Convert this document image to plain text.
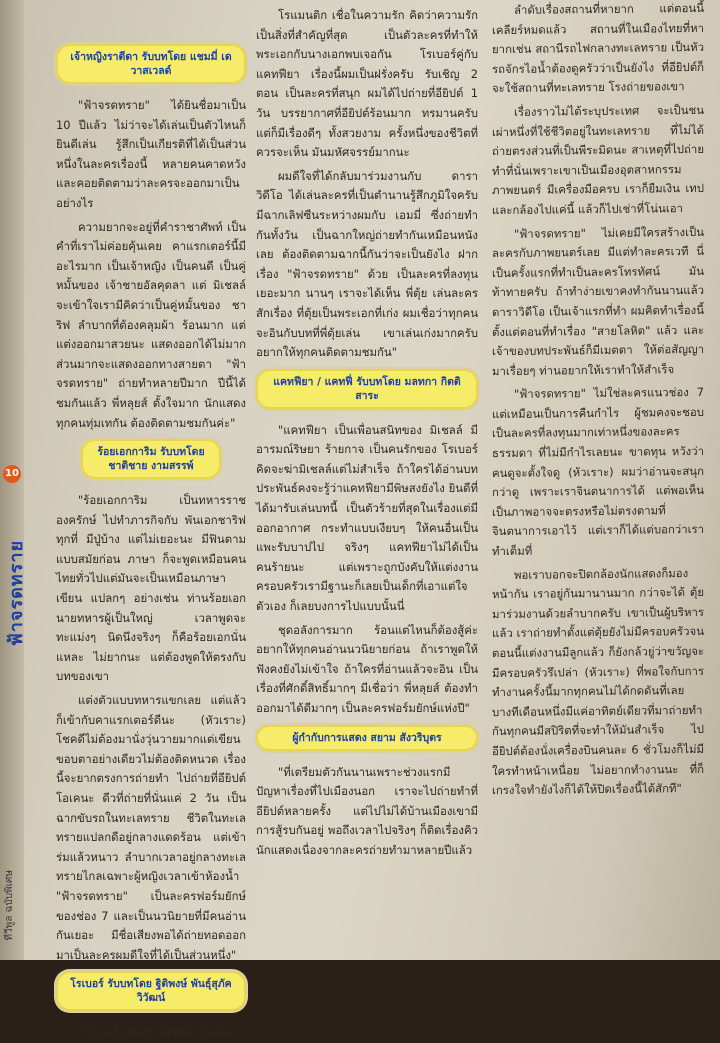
10
ฟ้าจรดทราย
ทีวีพูล ฉบับพิเศษ
เจ้าหญิงราตีดา รับบทโดย แชมมี่ เดวาสเวลด์

"ฟ้าจรดทราย" ได้ยินชื่อมาเป็น 10 ปีแล้ว ไม่ว่าจะได้เล่นเป็นตัวไหนก็ยินดีเล่น รู้สึกเป็นเกียรติที่ได้เป็นส่วนหนึ่งในละครเรื่องนี้ หลายคนคาดหวังและคอยติดตามว่าละครจะออกมาเป็นอย่างไร

ความยากจะอยู่ที่คำราชาศัพท์ เป็นคำที่เราไม่ค่อยคุ้นเคย คาแรกเตอร์นี้มีอะไรมาก เป็นเจ้าหญิง เป็นคนดี เป็นคู่หมั้นของ เจ้าชายอัลคุดลา แต่ มิเชลล์ จะเข้าใจเรามีคิดว่าเป็นคู่หมั้นของ ชาริฟ ลำบากที่ต้องคลุมผ้า ร้อนมาก แต่แต่งออกมาสวยนะ แสดงออกได้ไม่มากส่วนมากจะแสดงออกทางสายตา "ฟ้าจรดทราย" ถ่ายทำหลายปีมาก ปีนี้ได้ชมกันแล้ว พี่หลุยส์ ตั้งใจมาก นักแสดงทุกคนทุ่มเทกัน ต้องติดตามชมกันค่ะ"

ร้อยเอกการิม รับบทโดย ชาติชาย งามสรรพ์

"ร้อยเอกการิม เป็นทหารราชองครักษ์ ไปทำภารกิจกับ พันเอกชาริฟ ทุกที่ มีปู่บ้าง แต่ไม่เยอะนะ มีฟินตามแบบสมัยก่อน ภาษา ก็จะพูดเหมือนคนไทยทั่วไปแต่มันจะเป็นเหมือนภาษาเขียน แปลกๆ อย่างเช่น ท่านร้อยเอกนายทหารผู้เป็นใหญ่ เวลาพูดจะทะแม่งๆ นิดนึงจริงๆ ก็คือร้อยเอกนั่นแหละ ไม่ยากนะ แต่ต้องพูดให้ตรงกับบทของเขา

แต่งตัวแบบทหารแขกเลย แต่แล้วก็เข้ากับคาแรกเตอร์ดีนะ (หัวเราะ) โชคดีไม่ต้องมานั่งวุ่นวายมากแต่เขียนขอบตาอย่างเดียวไม่ต้องติดหนวด เรื่องนี้จะยากตรงการถ่ายทำ ไปถ่ายที่อียิปต์โอเคนะ ดีวที่ถ่ายที่นั่นแค่ 2 วัน เป็นฉากขับรถในทะเลทราย ชีวิตในทะเลทรายแปลกดีอยู่กลางแดดร้อน แต่เข้าร่มแล้วหนาว ลำบากเวลาอยู่กลางทะเลทรายไกลเฉพาะผู้หญิงเวลาเข้าห้องน้ำ "ฟ้าจรดทราย" เป็นละครฟอร์มยักษ์ของช่อง 7 และเป็นนวนิยายที่มีคนอ่านกันเยอะ มีชื่อเสียงพอได้ถ่ายทอดออกมาเป็นละครผมดีใจที่ได้เป็นส่วนหนึ่ง"

โรเบอร์ รับบทโดย ฐิติพงษ์ พันธุ์สุภัควิวัฒน์

"โรเบอร์ หลงรัก มิเชลล์ เป็นคน

โรแมนติก เชื่อในความรัก คิดว่าความรักเป็นสิ่งที่สำคัญที่สุด เป็นตัวละครที่ทำให้พระเอกกับนางเอกพบเจอกัน โรเบอร์คู่กับ แคทฟียา เรื่องนี้ผมเป็นฝรั่งครับ รับเชิญ 2 ตอน เป็นละครที่สนุก ผมได้ไปถ่ายที่อียิปต์ 1 วัน บรรยากาศที่อียิปต์ร้อนมาก ทรมานครับ แต่ก็มีเรื่องดีๆ ทั้งสวยงาม ครั้งหนึ่งของชีวิตที่ควรจะเห็น มันมหัศจรรย์มากนะ

ผมดีใจที่ได้กลับมาร่วมงานกับ ดาราวิดีโอ ได้เล่นละครที่เป็นตำนานรู้สึกภูมิใจครับ มีฉากเลิฟซีนระหว่างผมกับ เอมมี่ ซึ่งถ่ายทำกันทั้งวัน เป็นฉากใหญ่ถ่ายทำกันเหมือนหนัง เลย ต้องติดตามฉากนี้กันว่าจะเป็นยังไง ฝากเรื่อง "ฟ้าจรดทราย" ด้วย เป็นละครที่ลงทุนเยอะมาก นานๆ เราจะได้เห็น พี่ตุ้ย เล่นละครสักเรื่อง ที่ตุ้ยเป็นพระเอกที่เก่ง ผมเชื่อว่าทุกคนจะอินกับบทที่พี่ตุ้ยเล่น เขาเล่นเก่งมากครับ อยากให้ทุกคนติดตามชมกัน"

แคทฟียา / แคทฟี่ รับบทโดย มลทกา กิตติสาระ

"แคทฟียา เป็นเพื่อนสนิทของ มิเชลล์ มีอารมณ์ริษยา ร้ายกาจ เป็นคนรักของ โรเบอร์ คิดจะฆ่ามิเชลล์แต่ไม่สำเร็จ ถ้าใครได้อ่านบทประพันธ์คงจะรู้ว่าแคทฟียามีพิษสงยังไง ยินดีที่ได้มารับเล่นบทนี้ เป็นตัวร้ายที่สุดในเรื่องแต่มีออกอากาศ กระทำแบบเงียบๆ ให้คนอื่นเป็นแพะรับบาปไป จริงๆ แคทฟียาไม่ได้เป็นคนร้ายนะ แต่เพราะถูกบังคับให้แต่งงานครอบครัวเรามีฐานะก็เลยเป็นเด็กที่เอาแต่ใจตัวเอง ก็เลยบงการไปแบบนั้นนี่

ชุดอลังการมาก ร้อนแต่ไหนก็ต้องสู้ค่ะ อยากให้ทุกคนอ่านนวนิยายก่อน ถ้าเราพูดให้ฟังคงยังไม่เข้าใจ ถ้าใครที่อ่านแล้วจะอิน เป็นเรื่องที่ศักดิ์สิทธิ์มากๆ มีเชื่อว่า พี่หลุยส์ ต้องทำออกมาได้ดีมากๆ เป็นละครฟอร์มยักษ์แห่งปี"

ผู้กำกับการแสดง สยาม สังวริบุตร

"ที่เตรียมตัวกันนานเพราะช่วงแรกมีปัญหาเรื่องที่ไปเมืองนอก เราจะไปถ่ายทำที่อียิปต์หลายครั้ง แต่ไปไม่ได้บ้านเมืองเขามีการสู้รบกันอยู่ พอถึงเวลาไปจริงๆ ก็ติดเรื่องคิวนักแสดงเนื่องจากละครถ่ายทำมาหลายปีแล้ว

ลำดับเรื่องสถานที่หายาก แต่ตอนนี้เคลียร์หมดแล้ว สถานที่ในเมืองไทยที่หายากเช่น สถานีรถไฟกลางทะเลทราย เป็นหัวรถจักรไอน้ำต้องดูครัวว่าเป็นยังไง ที่อียิปต์ก็จะใช้สถานที่ทะเลทราย โรงถ่ายของเขา

เรื่องราวไม่ได้ระบุประเทศ จะเป็นชนเผ่าหนึ่งที่ใช้ชีวิตอยู่ในทะเลทราย ที่ไม่ได้ถ่ายตรงส่วนที่เป็นพีระมิดนะ สาเหตุที่ไปถ่ายทำที่นั่นเพราะเขาเป็นเมืองอุตสาหกรรมภาพยนตร์ มีเครื่องมือครบ เราก็ยืมเงิน เทปและกล้องไปแค่นี้ แล้วก็ไปเช่าที่โน่นเอา

"ฟ้าจรดทราย" ไม่เคยมีใครสร้างเป็นละครกับภาพยนตร์เลย มีแต่ทำละครเวที นี่เป็นครั้งแรกที่ทำเป็นละครโทรทัศน์ มันท้าทายครับ ถ้าทำง่ายเขาคงทำกันนานแล้ว ดาราวิดีโอ เป็นเจ้าแรกที่ทำ ผมคิดทำเรื่องนี้ตั้งแต่ตอนที่ทำเรื่อง "สายโลหิต" แล้ว และเจ้าของบทประพันธ์ก็มีเมตตา ให้ต่อสัญญามาเรื่อยๆ ท่านอยากให้เราทำให้สำเร็จ

"ฟ้าจรดทราย" ไม่ใช่ละครแนวช่อง 7 แต่เหมือนเป็นการคืนกำไร ผู้ชมคงจะชอบ เป็นละครที่ลงทุนมากเท่าหนึ่งของละครธรรมดา ที่ไม่มีกำไรเลยนะ ขาดทุน หวังว่าคนดูจะตั้งใจดู (หัวเราะ) ผมว่าอ่านจะสนุกกว่าดู เพราะเราจินตนาการได้ แต่พอเห็นเป็นภาพอาจจะตรงหรือไม่ตรงตามที่จินตนาการเอาไว้ แต่เราก็ได้แต่บอกว่าเราทำเต็มที่

พอเราบอกจะปิดกล้องนักแสดงก็มองหน้ากัน เราอยู่กันมานานมาก กว่าจะได้ ตุ้ย มาร่วมงานด้วยลำบากครับ เขาเป็นผู้บริหารแล้ว เราถ่ายทำตั้งแต่ตุ้ยยังไม่มีครอบครัวจนตอนนี้แต่งงานมีลูกแล้ว ก็ยังกล้วยู่ว่าขวัญจะมีครอบครัวรึเปล่า (หัวเราะ) ที่พอใจกับการทำงานครั้งนี้มากทุกคนไม่ได้กดดันที่เลย บางทีเดือนหนึ่งมีแค่อาทิตย์เดียวที่มาถ่ายทำกันทุกคนมีสปิริตที่จะทำให้มันสำเร็จ ไปอียิปต์ต้องนั่งเครื่องบินคนละ 6 ชั่วโมงก็ไม่มีใครทำหน้าเหนื่อย ไม่อยากทำงานนะ ที่ก็เกรงใจทำยังไงก็ได้ให้ปิดเรื่องนี้ได้สักที"
